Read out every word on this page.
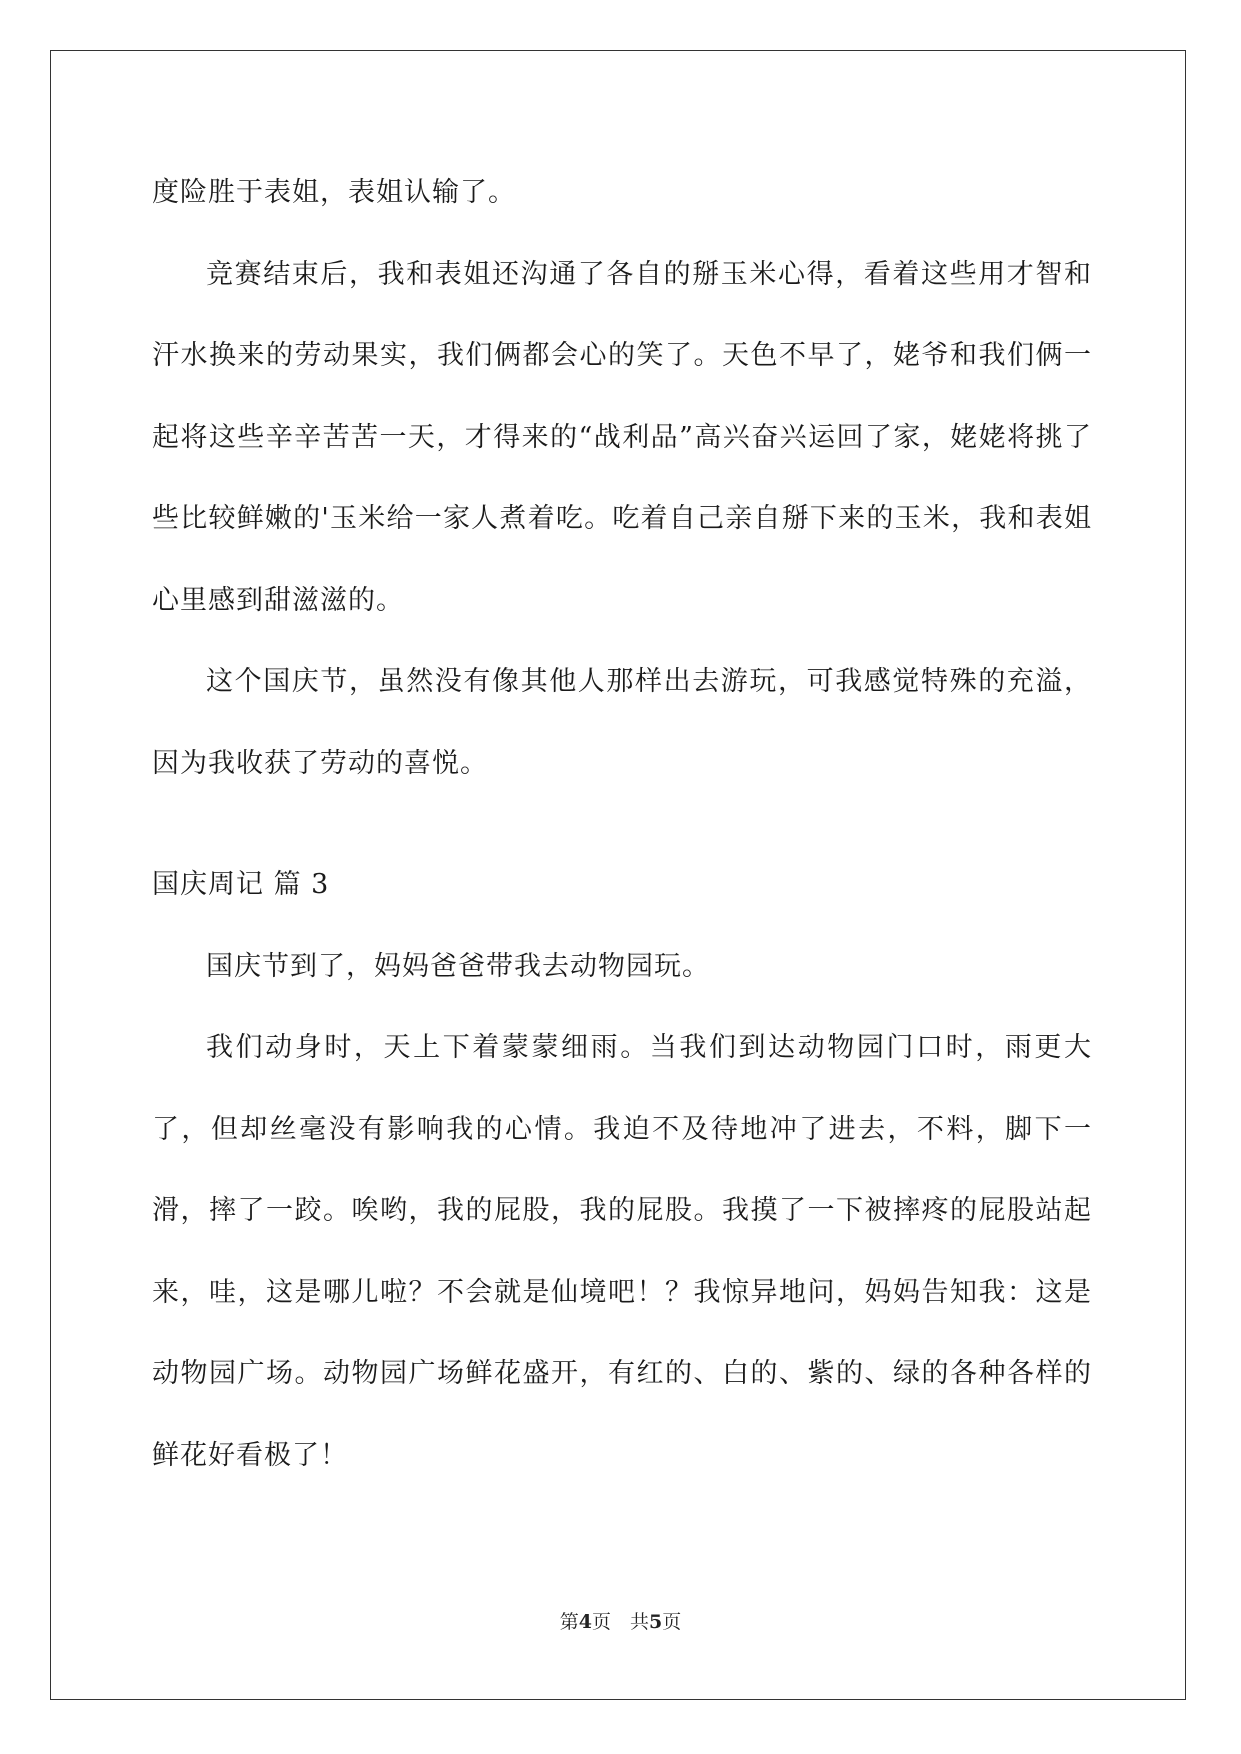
度险胜于表姐，表姐认输了。

竞赛结束后，我和表姐还沟通了各自的掰玉米心得，看着这些用才智和汗水换来的劳动果实，我们俩都会心的笑了。天色不早了，姥爷和我们俩一起将这些辛辛苦苦一天，才得来的“战利品”高兴奋兴运回了家，姥姥将挑了些比较鲜嫩的'玉米给一家人煮着吃。吃着自己亲自掰下来的玉米，我和表姐心里感到甜滋滋的。

这个国庆节，虽然没有像其他人那样出去游玩，可我感觉特殊的充溢，因为我收获了劳动的喜悦。

国庆周记 篇 3

国庆节到了，妈妈爸爸带我去动物园玩。

我们动身时，天上下着蒙蒙细雨。当我们到达动物园门口时，雨更大了，但却丝毫没有影响我的心情。我迫不及待地冲了进去，不料，脚下一滑，摔了一跤。唉哟，我的屁股，我的屁股。我摸了一下被摔疼的屁股站起来，哇，这是哪儿啦？不会就是仙境吧！？我惊异地问，妈妈告知我：这是动物园广场。动物园广场鲜花盛开，有红的、白的、紫的、绿的各种各样的鲜花好看极了！

第4页　共5页
